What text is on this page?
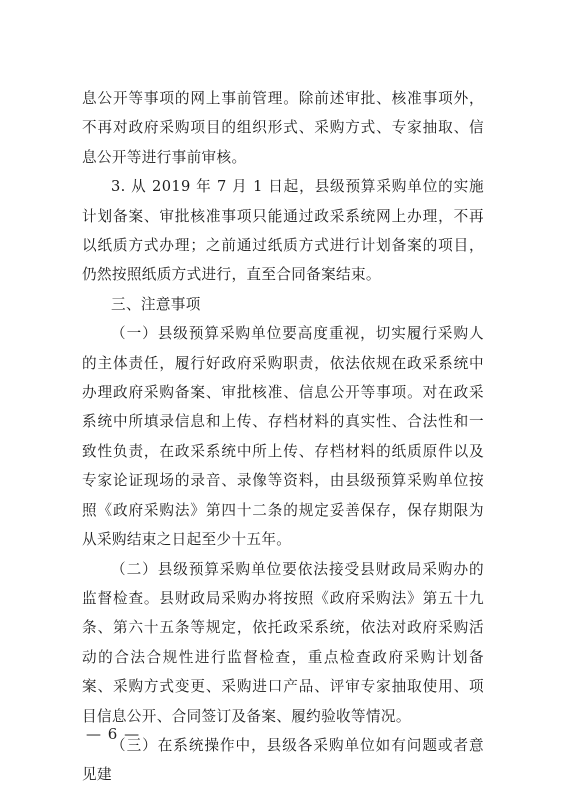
息公开等事项的网上事前管理。除前述审批、核准事项外，不再对政府采购项目的组织形式、采购方式、专家抽取、信息公开等进行事前审核。

3. 从 2019 年 7 月 1 日起，县级预算采购单位的实施计划备案、审批核准事项只能通过政采系统网上办理，不再以纸质方式办理；之前通过纸质方式进行计划备案的项目，仍然按照纸质方式进行，直至合同备案结束。

三、注意事项

（一）县级预算采购单位要高度重视，切实履行采购人的主体责任，履行好政府采购职责，依法依规在政采系统中办理政府采购备案、审批核准、信息公开等事项。对在政采系统中所填录信息和上传、存档材料的真实性、合法性和一致性负责，在政采系统中所上传、存档材料的纸质原件以及专家论证现场的录音、录像等资料，由县级预算采购单位按照《政府采购法》第四十二条的规定妥善保存，保存期限为从采购结束之日起至少十五年。

（二）县级预算采购单位要依法接受县财政局采购办的监督检查。县财政局采购办将按照《政府采购法》第五十九条、第六十五条等规定，依托政采系统，依法对政府采购活动的合法合规性进行监督检查，重点检查政府采购计划备案、采购方式变更、采购进口产品、评审专家抽取使用、项目信息公开、合同签订及备案、履约验收等情况。

（三）在系统操作中，县级各采购单位如有问题或者意见建

— 6 —
